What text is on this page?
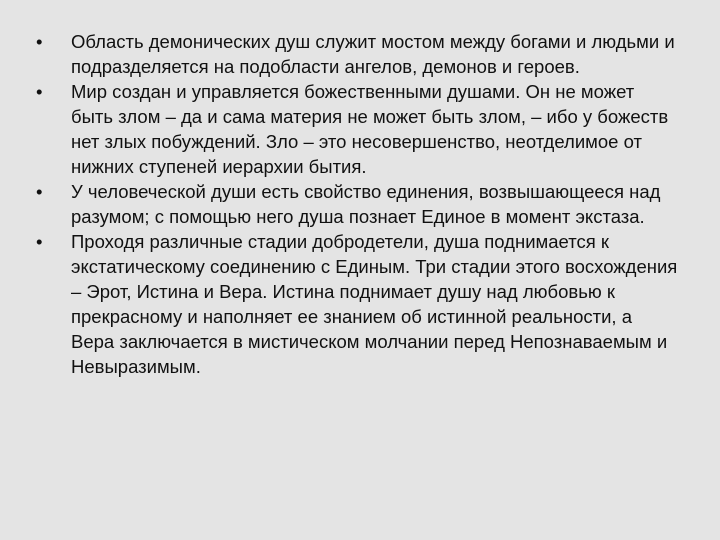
•	Область демонических душ служит мостом между богами и людьми и подразделяется на подобласти ангелов, демонов и героев.
•	Мир создан и управляется божественными душами. Он не может быть злом – да и сама материя не может быть злом, – ибо у божеств нет злых побуждений. Зло – это несовершенство, неотделимое от нижних ступеней иерархии бытия.
•	У человеческой души есть свойство единения, возвышающееся над разумом; с помощью него душа познает Единое в момент экстаза.
•	Проходя различные стадии добродетели, душа поднимается к экстатическому соединению с Единым. Три стадии этого восхождения – Эрот, Истина и Вера. Истина поднимает душу над любовью к прекрасному и наполняет ее знанием об истинной реальности, а Вера заключается в мистическом молчании перед Непознаваемым и Невыразимым.
